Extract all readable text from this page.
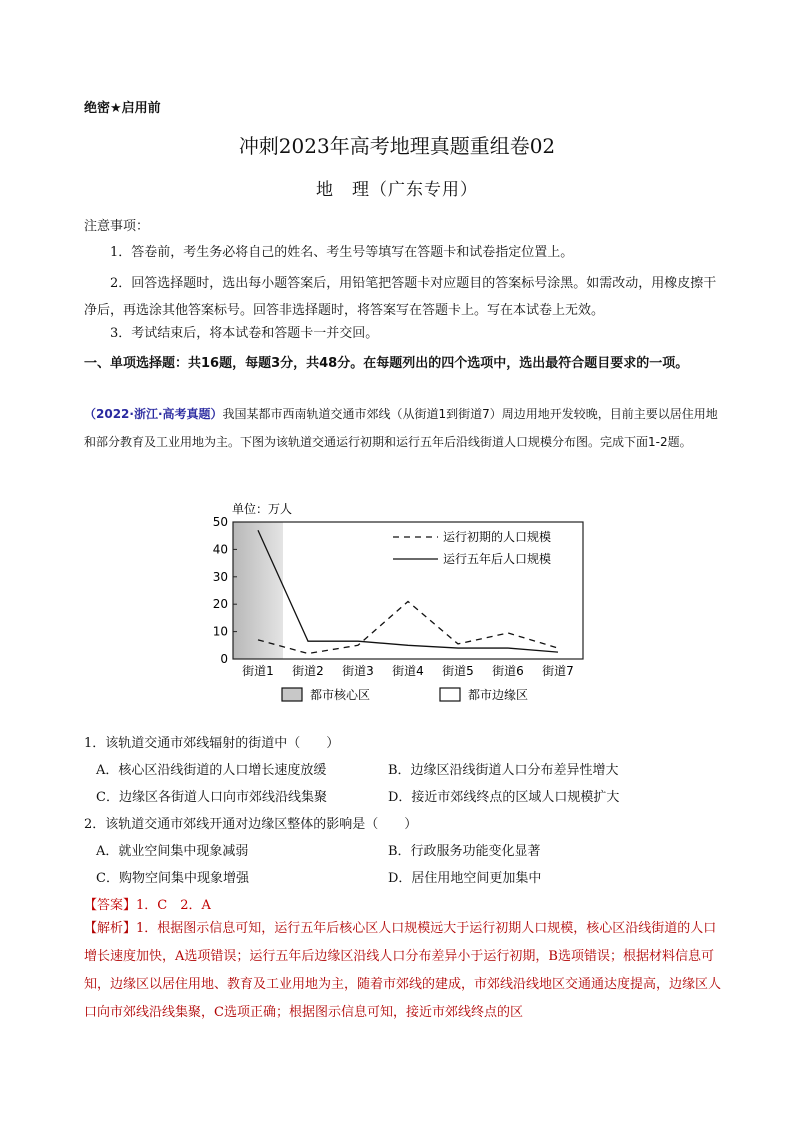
绝密★启用前
冲刺2023年高考地理真题重组卷02
地　理（广东专用）
注意事项：
1．答卷前，考生务必将自己的姓名、考生号等填写在答题卡和试卷指定位置上。
2．回答选择题时，选出每小题答案后，用铅笔把答题卡对应题目的答案标号涂黑。如需改动，用橡皮擦干净后，再选涂其他答案标号。回答非选择题时，将答案写在答题卡上。写在本试卷上无效。
3．考试结束后，将本试卷和答题卡一并交回。
一、单项选择题：共16题，每题3分，共48分。在每题列出的四个选项中，选出最符合题目要求的一项。
（2022·浙江·高考真题）我国某都市西南轨道交通市郊线（从街道1到街道7）周边用地开发较晚，目前主要以居住用地和部分教育及工业用地为主。下图为该轨道交通运行初期和运行五年后沿线街道人口规模分布图。完成下面1-2题。
单位：万人
0
10
20
30
40
50
街道1 街道2 街道3 街道4 街道5 街道6 街道7
运行初期的人口规模
运行五年后人口规模
都市核心区	都市边缘区
1．该轨道交通市郊线辐射的街道中（　　）
A．核心区沿线街道的人口增长速度放缓	B．边缘区沿线街道人口分布差异性增大
C．边缘区各街道人口向市郊线沿线集聚	D．接近市郊线终点的区域人口规模扩大
2．该轨道交通市郊线开通对边缘区整体的影响是（　　）
A．就业空间集中现象减弱	B．行政服务功能变化显著
C．购物空间集中现象增强	D．居住用地空间更加集中
【答案】1．C　2．A
【解析】1．根据图示信息可知，运行五年后核心区人口规模远大于运行初期人口规模，核心区沿线街道的人口增长速度加快，A选项错误；运行五年后边缘区沿线人口分布差异小于运行初期，B选项错误；根据材料信息可知，边缘区以居住用地、教育及工业用地为主，随着市郊线的建成，市郊线沿线地区交通通达度提高，边缘区人口向市郊线沿线集聚，C选项正确；根据图示信息可知，接近市郊线终点的区
